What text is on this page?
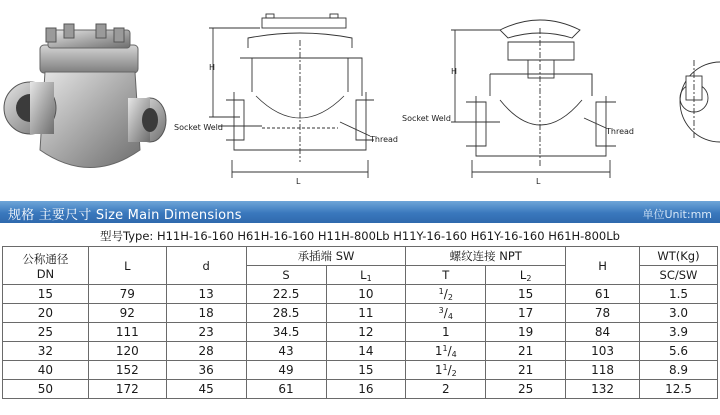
H
L
Socket Weld
Thread
H
L
Socket Weld
Thread
规格 主要尺寸 Size Main Dimensions	单位Unit:mm
型号Type: H11H-16-160 H61H-16-160 H11H-800Lb H11Y-16-160 H61Y-16-160 H61H-800Lb
公称通径
DN	L	d	承插端 SW		螺纹连接 NPT		H	WT(Kg)
			S	$L_1$	T	$L_2$		SC/SW
15	79	13	22.5	10	$^1/_2$	15	61	1.5
20	92	18	28.5	11	$^3/_4$	17	78	3.0
25	111	23	34.5	12	1	19	84	3.9
32	120	28	43	14	$1^1/_4$	21	103	5.6
40	152	36	49	15	$1^1/_2$	21	118	8.9
50	172	45	61	16	2	25	132	12.5
